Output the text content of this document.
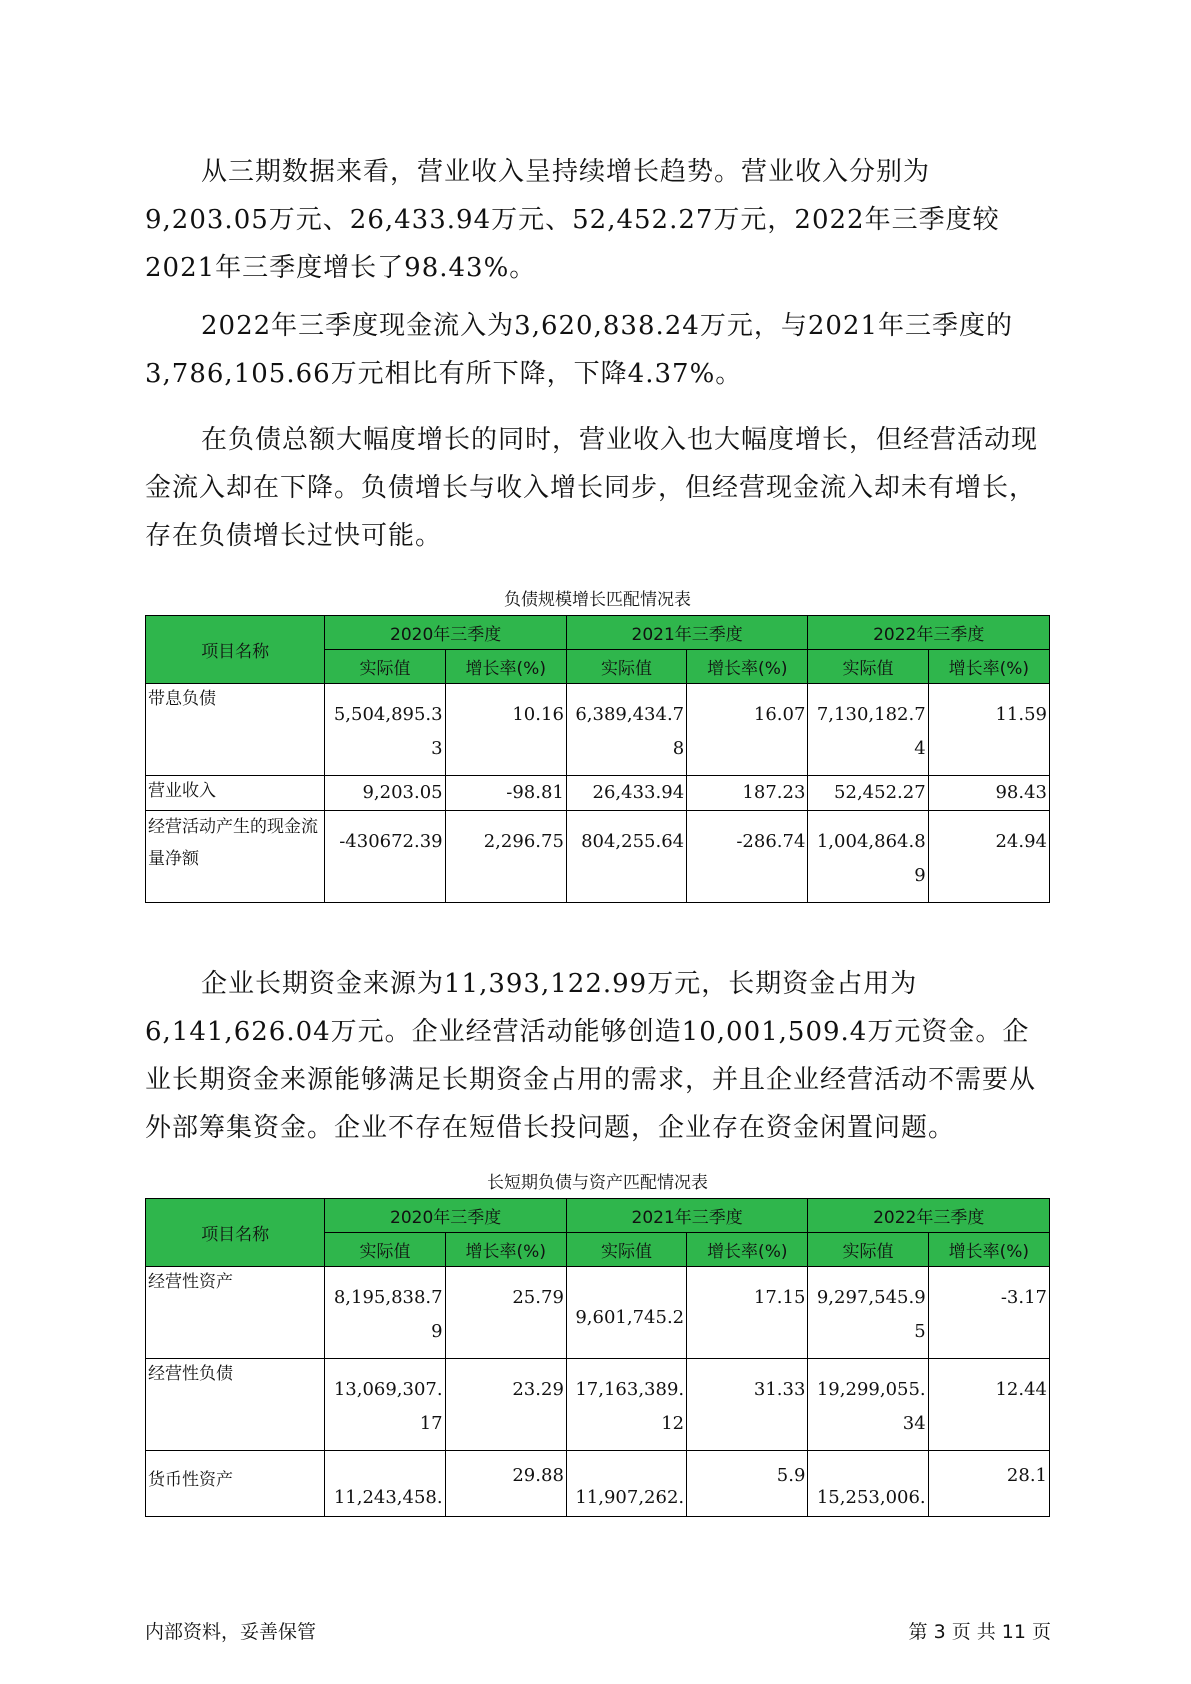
从三期数据来看，营业收入呈持续增长趋势。营业收入分别为9,203.05万元、26,433.94万元、52,452.27万元，2022年三季度较2021年三季度增长了98.43%。

2022年三季度现金流入为3,620,838.24万元，与2021年三季度的3,786,105.66万元相比有所下降，下降4.37%。

在负债总额大幅度增长的同时，营业收入也大幅度增长，但经营活动现金流入却在下降。负债增长与收入增长同步，但经营现金流入却未有增长，存在负债增长过快可能。

负债规模增长匹配情况表
项目名称	2020年三季度		2021年三季度		2022年三季度	
	实际值	增长率(%)	实际值	增长率(%)	实际值	增长率(%)
带息负债	5,504,895.33	10.16	6,389,434.78	16.07	7,130,182.74	11.59
营业收入	9,203.05	-98.81	26,433.94	187.23	52,452.27	98.43
经营活动产生的现金流量净额	-430672.39	2,296.75	804,255.64	-286.74	1,004,864.89	24.94

企业长期资金来源为11,393,122.99万元，长期资金占用为6,141,626.04万元。企业经营活动能够创造10,001,509.4万元资金。企业长期资金来源能够满足长期资金占用的需求，并且企业经营活动不需要从外部筹集资金。企业不存在短借长投问题，企业存在资金闲置问题。

长短期负债与资产匹配情况表
项目名称	2020年三季度		2021年三季度		2022年三季度	
	实际值	增长率(%)	实际值	增长率(%)	实际值	增长率(%)
经营性资产	8,195,838.79	25.79	9,601,745.2	17.15	9,297,545.95	-3.17
经营性负债	13,069,307.17	23.29	17,163,389.12	31.33	19,299,055.34	12.44
货币性资产	11,243,458.	29.88	11,907,262.	5.9	15,253,006.	28.1
内部资料，妥善保管	第 3 页 共 11 页
